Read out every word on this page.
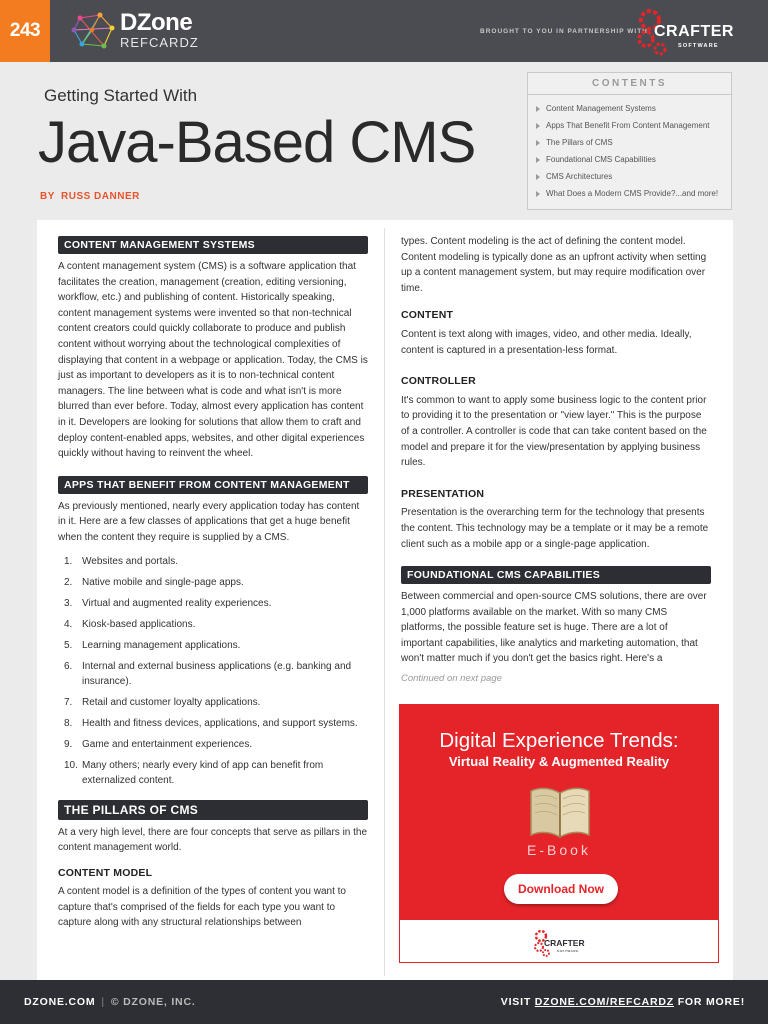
243	DZone
REFCARDZ
BROUGHT TO YOU IN PARTNERSHIP WITH CRAFTER
SOFTWARE
Getting Started With
Java-Based CMS
BY RUSS DANNER
CONTENTS
Content Management Systems
Apps That Benefit From Content Management
The Pillars of CMS
Foundational CMS Capabilities
CMS Architectures
What Does a Modern CMS Provide?...and more!
CONTENT MANAGEMENT SYSTEMS

A content management system (CMS) is a software application that facilitates the creation, management (creation, editing versioning, workflow, etc.) and publishing of content. Historically speaking, content management systems were invented so that non-technical content creators could quickly collaborate to produce and publish content without worrying about the technological complexities of displaying that content in a webpage or application. Today, the CMS is just as important to developers as it is to non-technical content managers. The line between what is code and what isn't is more blurred than ever before. Today, almost every application has content in it. Developers are looking for solutions that allow them to craft and deploy content-enabled apps, websites, and other digital experiences quickly without having to reinvent the wheel.

APPS THAT BENEFIT FROM CONTENT MANAGEMENT

As previously mentioned, nearly every application today has content in it. Here are a few classes of applications that get a huge benefit when the content they require is supplied by a CMS.

1. Websites and portals.
2. Native mobile and single-page apps.
3. Virtual and augmented reality experiences.
4. Kiosk-based applications.
5. Learning management applications.
6. Internal and external business applications (e.g. banking and insurance).
7. Retail and customer loyalty applications.
8. Health and fitness devices, applications, and support systems.
9. Game and entertainment experiences.
10. Many others; nearly every kind of app can benefit from externalized content.
THE PILLARS OF CMS

At a very high level, there are four concepts that serve as pillars in the content management world.

CONTENT MODEL

A content model is a definition of the types of content you want to capture that's comprised of the fields for each type you want to capture along with any structural relationships between

types. Content modeling is the act of defining the content model. Content modeling is typically done as an upfront activity when setting up a content management system, but may require modification over time.

CONTENT

Content is text along with images, video, and other media. Ideally, content is captured in a presentation-less format.

CONTROLLER

It's common to want to apply some business logic to the content prior to providing it to the presentation or "view layer." This is the purpose of a controller. A controller is code that can take content based on the model and prepare it for the view/presentation by applying business rules.

PRESENTATION

Presentation is the overarching term for the technology that presents the content. This technology may be a template or it may be a remote client such as a mobile app or a single-page application.

FOUNDATIONAL CMS CAPABILITIES

Between commercial and open-source CMS solutions, there are over 1,000 platforms available on the market. With so many CMS platforms, the possible feature set is huge. There are a lot of important capabilities, like analytics and marketing automation, that won't matter much if you don't get the basics right. Here's a

Continued on next page
Digital Experience Trends:
Virtual Reality & Augmented Reality
E-Book
Download Now
CRAFTER
SOFTWARE
DZONE.COM | © DZONE, INC.	VISIT DZONE.COM/REFCARDZ FOR MORE!
